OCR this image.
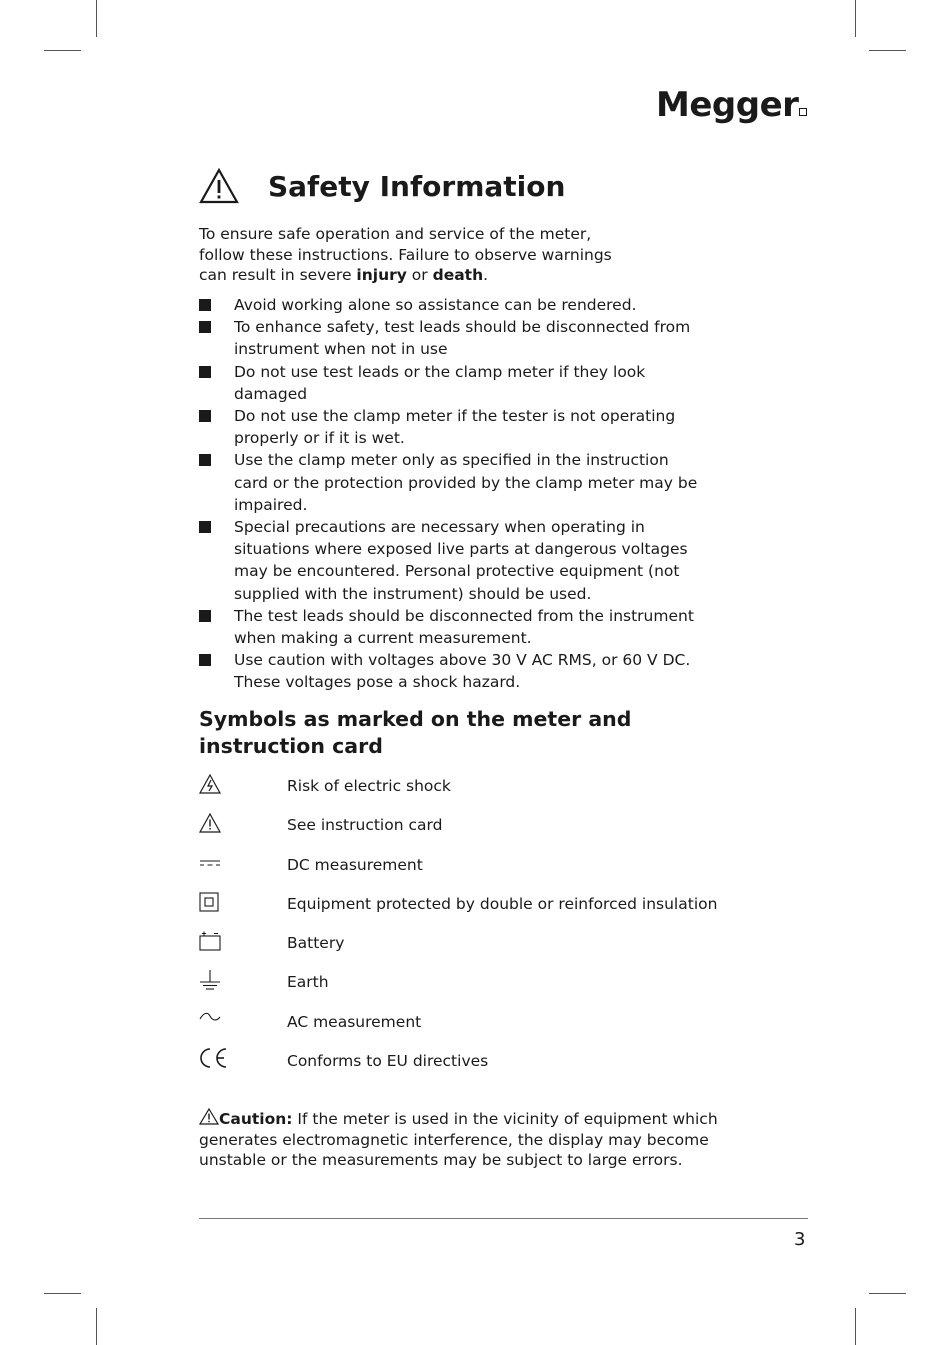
Megger
Safety Information

To ensure safe operation and service of the meter, follow these instructions. Failure to observe warnings can result in severe injury or death.

Avoid working alone so assistance can be rendered.
To enhance safety, test leads should be disconnected from instrument when not in use
Do not use test leads or the clamp meter if they look damaged
Do not use the clamp meter if the tester is not operating properly or if it is wet.
Use the clamp meter only as specified in the instruction card or the protection provided by the clamp meter may be impaired.
Special precautions are necessary when operating in situations where exposed live parts at dangerous voltages may be encountered. Personal protective equipment (not supplied with the instrument) should be used.
The test leads should be disconnected from the instrument when making a current measurement.
Use caution with voltages above 30 V AC RMS, or 60 V DC. These voltages pose a shock hazard.
Symbols as marked on the meter and instruction card
Risk of electric shock
See instruction card
DC measurement
Equipment protected by double or reinforced insulation
Battery
Earth
AC measurement
Conforms to EU directives

Caution: If the meter is used in the vicinity of equipment which generates electromagnetic interference, the display may become unstable or the measurements may be subject to large errors.

3
